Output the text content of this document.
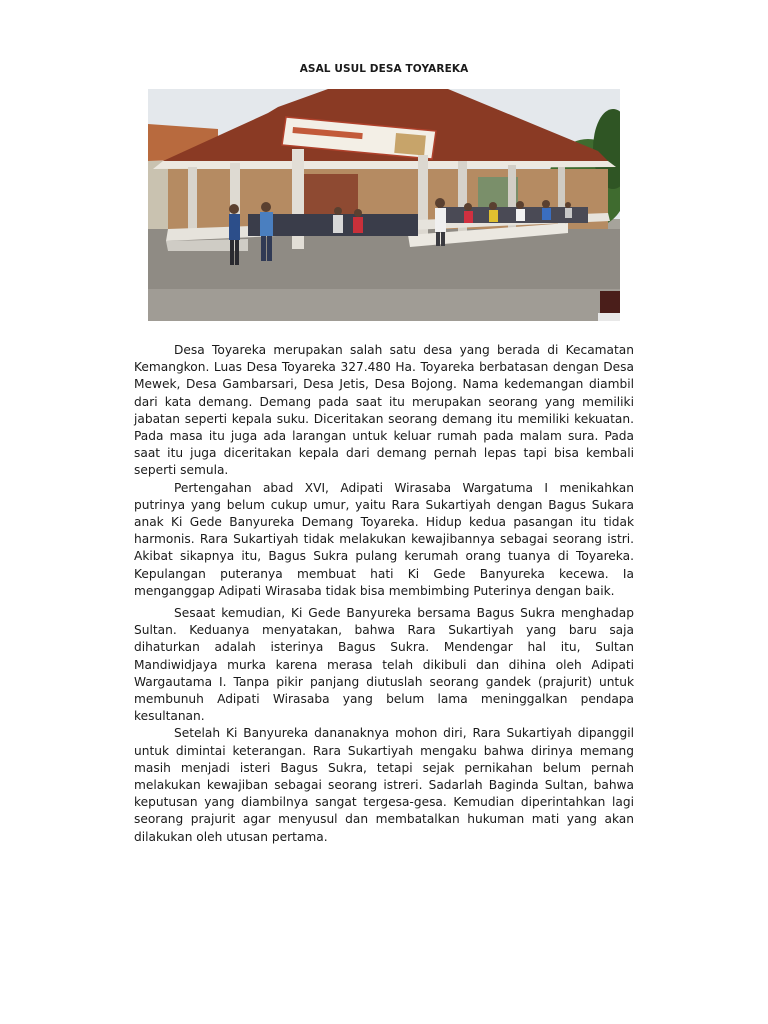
ASAL USUL DESA TOYAREKA

Desa Toyareka merupakan salah satu desa yang berada di Kecamatan Kemangkon. Luas Desa Toyareka 327.480 Ha. Toyareka berbatasan dengan Desa Mewek, Desa Gambarsari, Desa Jetis, Desa Bojong. Nama kedemangan diambil dari kata demang. Demang pada saat itu merupakan seorang yang memiliki jabatan seperti kepala suku. Diceritakan seorang demang itu memiliki kekuatan. Pada masa itu juga ada larangan untuk keluar rumah pada malam sura. Pada saat itu juga diceritakan kepala dari demang pernah lepas tapi bisa kembali seperti semula.

Pertengahan abad XVI, Adipati Wirasaba Wargatuma I menikahkan putrinya yang belum cukup umur, yaitu Rara Sukartiyah dengan Bagus Sukara anak Ki Gede Banyureka Demang Toyareka. Hidup kedua pasangan itu tidak harmonis. Rara Sukartiyah tidak melakukan kewajibannya sebagai seorang istri. Akibat sikapnya itu, Bagus Sukra pulang kerumah orang tuanya di Toyareka. Kepulangan puteranya membuat hati Ki Gede Banyureka kecewa. Ia menganggap Adipati Wirasaba tidak bisa membimbing Puterinya dengan baik.

Sesaat kemudian, Ki Gede Banyureka bersama Bagus Sukra menghadap Sultan. Keduanya menyatakan, bahwa Rara Sukartiyah yang baru saja dihaturkan adalah isterinya Bagus Sukra. Mendengar hal itu, Sultan Mandiwidjaya murka karena merasa telah dikibuli dan dihina oleh Adipati Wargautama I. Tanpa pikir panjang diutuslah seorang gandek (prajurit) untuk membunuh Adipati Wirasaba yang belum lama meninggalkan pendapa kesultanan.

Setelah Ki Banyureka dananaknya mohon diri, Rara Sukartiyah dipanggil untuk dimintai keterangan. Rara Sukartiyah mengaku bahwa dirinya memang masih menjadi isteri Bagus Sukra, tetapi sejak pernikahan belum pernah melakukan kewajiban sebagai seorang istreri. Sadarlah Baginda Sultan, bahwa keputusan yang diambilnya sangat tergesa-gesa. Kemudian diperintahkan lagi seorang prajurit agar menyusul dan membatalkan hukuman mati yang akan dilakukan oleh utusan pertama.
